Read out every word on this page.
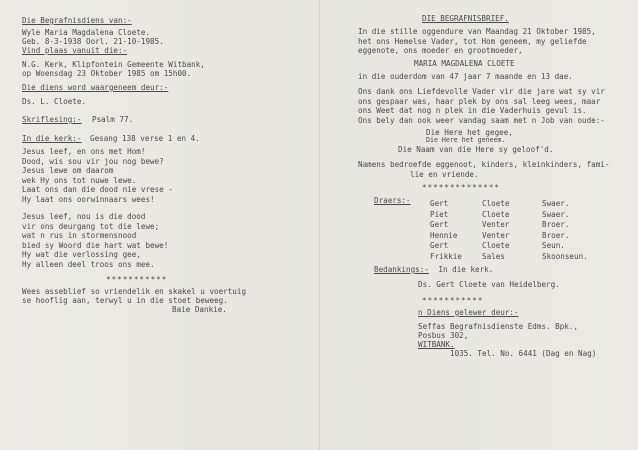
Die Begrafnisdiens van:-
Wyle Maria Magdalena Cloete.
Geb. 8-3-1938 Oorl. 21-10-1985.
Vind plaas vanuit die:-
N.G. Kerk, Klipfontein Gemeente Witbank,
op Woensdag 23 Oktober 1985 om 15h00.
Die diens word waargeneem deur:-
Ds. L. Cloete.
Skriflesing:- Psalm 77.
In die kerk:- Gesang 138 verse 1 en 4.
Jesus leef, en ons met Hom!
Dood, wis sou vir jou nog bewe?
Jesus lewe om daarom
wek Hy ons tot nuwe lewe.
Laat ons dan die dood nie vrese -
Hy laat ons oorwinnaars wees!
Jesus leef, nou is die dood
vir ons deurgang tot die lewe;
wat n rus in stormensnood
bied sy Woord die hart wat bewe!
Hy wat die verlossing gee,
Hy alleen deel troos ons mee.
***********
Wees asseblief so vriendelik en skakel u voertuig
se hooflig aan, terwyl u in die stoet beweeg.
Baie Dankie.
DIE BEGRAFNISBRIEF.
In die stille oggendure van Maandag 21 Oktober 1985,
het ons Hemelse Vader, tot Hom geneem, my geliefde
eggenote, ons moeder en grootmoeder,
MARIA MAGDALENA CLOETE
in die ouderdom van 47 jaar 7 maande en 13 dae.
Ons dank ons Liefdevolle Vader vir die jare wat sy vir
ons gespaar was, haar plek by ons sal leeg wees, maar
ons Weet dat nog n plek in die Vaderhuis gevul is.
Ons bely dan ook weer vandag saam met n Job van oude:-
Die Here het gegee,
Die Here het geneem.
Die Naam van die Here sy geloof'd.
Namens bedroefde eggenoot, kinders, kleinkinders, fami-
lie en vriende.
**************
Draers:-	Gert	Cloete	Swaer.
Piet	Cloete	Swaer.
Gert	Venter	Broer.
Hennie	Venter	Broer.
Gert	Cloete	Seun.
Frikkie	Sales	Skoonseun.
Bedankings:- In die kerk.
Ds. Gert Cloete van Heidelberg.
***********
n Diens gelewer deur:-
Seffas Begrafnisdienste Edms. Bpk.,
Posbus 302,
WITBANK.
1035. Tel. No. 6441 (Dag en Nag)
